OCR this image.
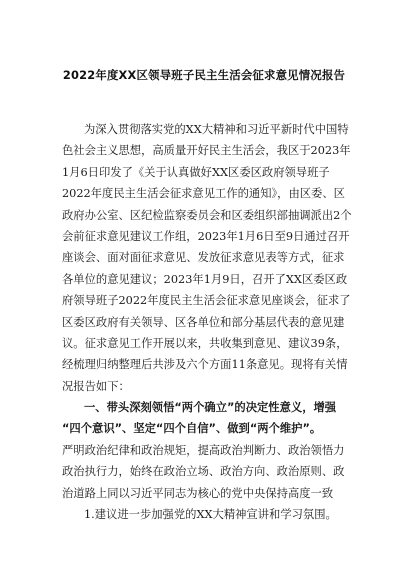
2022年度XX区领导班子民主生活会征求意见情况报告
为深入贯彻落实党的XX大精神和习近平新时代中国特
色社会主义思想，高质量开好民主生活会，我区于2023年
1月6日印发了《关于认真做好XX区委区政府领导班子
2022年度民主生活会征求意见工作的通知》，由区委、区
政府办公室、区纪检监察委员会和区委组织部抽调派出2个
会前征求意见建议工作组，2023年1月6日至9日通过召开
座谈会、面对面征求意见、发放征求意见表等方式，征求
各单位的意见建议；2023年1月9日，召开了XX区委区政
府领导班子2022年度民主生活会征求意见座谈会，征求了
区委区政府有关领导、区各单位和部分基层代表的意见建
议。征求意见工作开展以来，共收集到意见、建议39条，
经梳理归纳整理后共涉及六个方面11条意见。现将有关情
况报告如下：
一、带头深刻领悟“两个确立”的决定性意义，增强
“四个意识”、坚定“四个自信”、做到“两个维护”。
严明政治纪律和政治规矩，提高政治判断力、政治领悟力
政治执行力，始终在政治立场、政治方向、政治原则、政
治道路上同以习近平同志为核心的党中央保持高度一致
1.建议进一步加强党的XX大精神宣讲和学习氛围。
